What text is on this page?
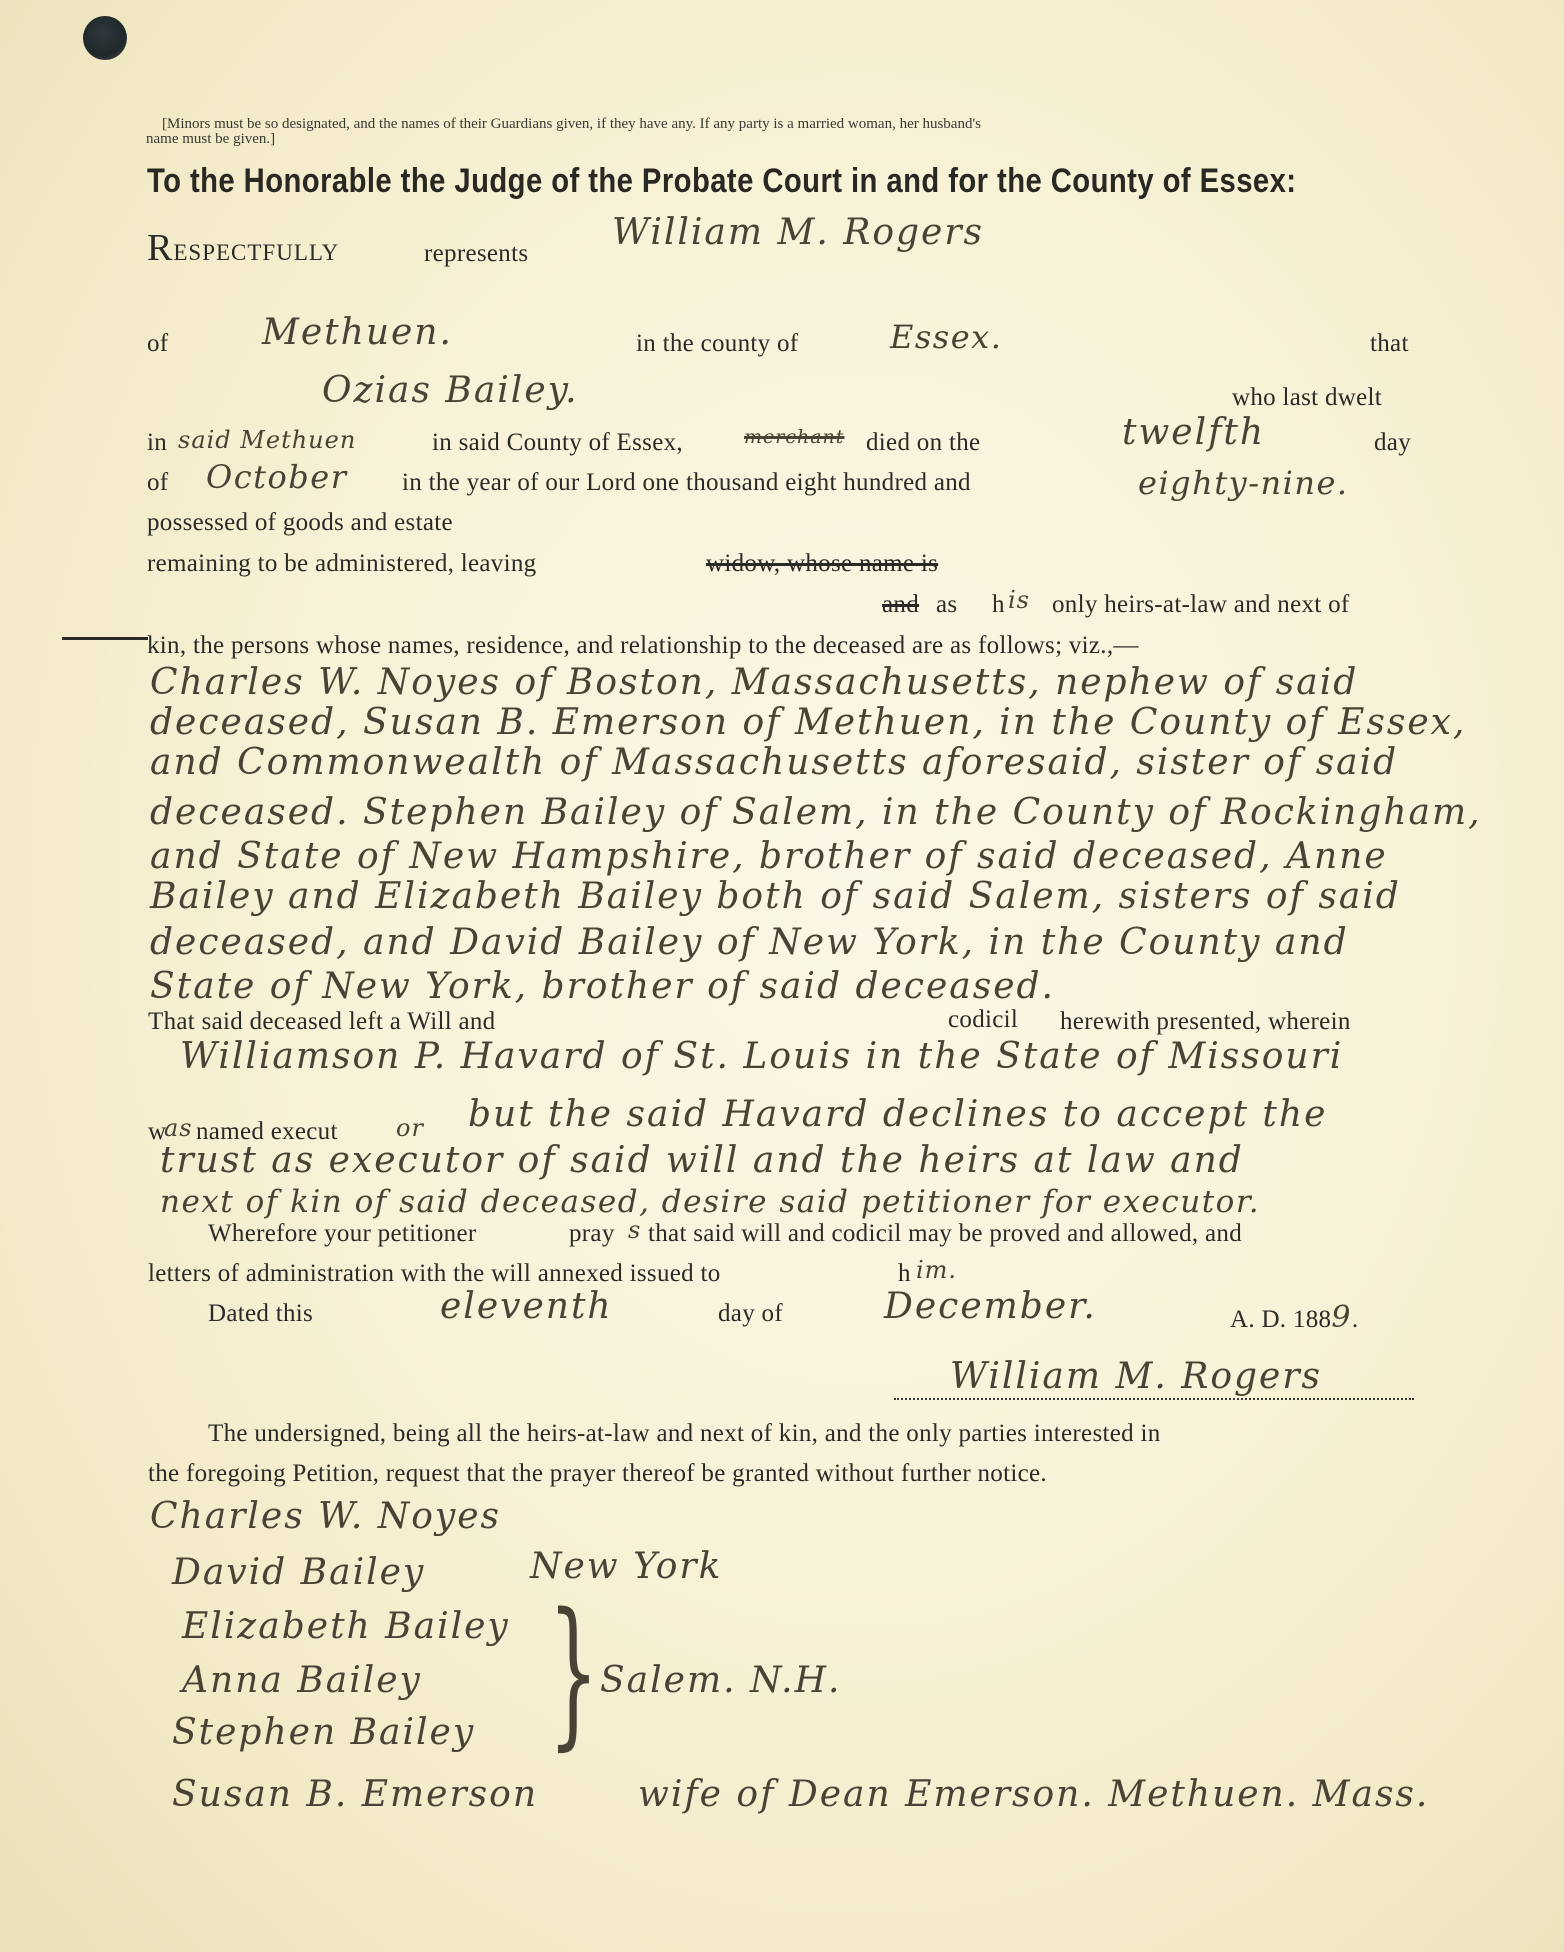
[Minors must be so designated, and the names of their Guardians given, if they have any. If any party is a married woman, her husband's
name must be given.]
To the Honorable the Judge of the Probate Court in and for the County of Essex:
RESPECTFULLY	represents
William M. Rogers
of	Methuen.	in the county of	Essex.	that
Ozias Bailey.	who last dwelt
in said Methuen	in said County of Essex,	merchant died on the	twelfth	day
of October in the year of our Lord one thousand eight hundred and	eighty-nine.
possessed of goods and estate
remaining to be administered, leaving	widow, whose name is
and as h is only heirs-at-law and next of
kin, the persons whose names, residence, and relationship to the deceased are as follows; viz.,—
Charles W. Noyes of Boston, Massachusetts, nephew of said
deceased, Susan B. Emerson of Methuen, in the County of Essex,
and Commonwealth of Massachusetts aforesaid, sister of said
deceased. Stephen Bailey of Salem, in the County of Rockingham,
and State of New Hampshire, brother of said deceased, Anne
Bailey and Elizabeth Bailey both of said Salem, sisters of said
deceased, and David Bailey of New York, in the County and
State of New York, brother of said deceased.
That said deceased left a Will and	codicil herewith presented, wherein
Williamson P. Havard of St. Louis in the State of Missouri
w
as named execut or but the said Havard declines to accept the
trust as executor of said will and the heirs at law and
next of kin of said deceased, desire said petitioner for executor.
Wherefore your petitioner	pray s that said will and codicil may be proved and allowed, and
letters of administration with the will annexed issued to	h im.
Dated this	eleventh	day of	December.	A. D. 1889.
William M. Rogers
The undersigned, being all the heirs-at-law and next of kin, and the only parties interested in
the foregoing Petition, request that the prayer thereof be granted without further notice.
Charles W. Noyes
David Bailey	New York
Elizabeth Bailey
Anna Bailey
Stephen Bailey } Salem. N.H.
Susan B. Emerson	wife of Dean Emerson. Methuen. Mass.
